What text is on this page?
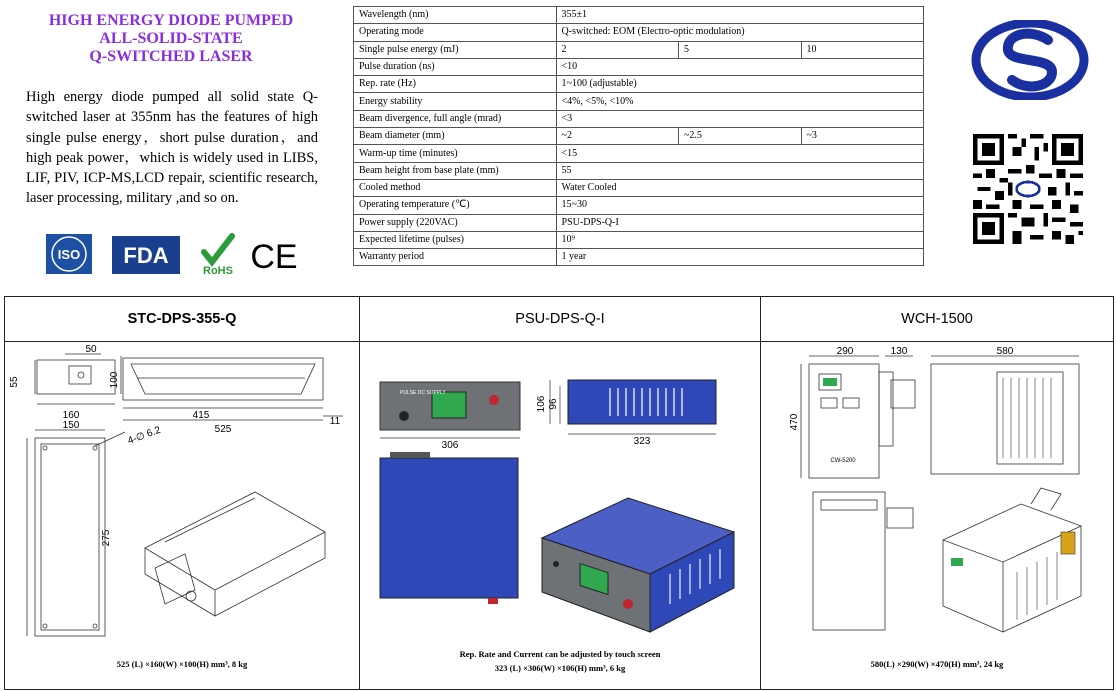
HIGH ENERGY DIODE PUMPED
ALL-SOLID-STATE
Q-SWITCHED LASER
High energy diode pumped all solid state Q-switched laser at 355nm has the features of high single pulse energy，short pulse duration，and high peak power，which is widely used in LIBS, LIF, PIV, ICP-MS,LCD repair, scientific research, laser processing, military ,and so on.
ISO FDA
RoHS CE
Wavelength (nm)	355±1		
Operating mode	Q-switched: EOM (Electro-optic modulation)		
Single pulse energy (mJ)	2	5	10
Pulse duration (ns)	<10		
Rep. rate (Hz)	1~100 (adjustable)		
Energy stability	<4%, <5%, <10%		
Beam divergence, full angle (mrad)	<3		
Beam diameter (mm)	~2	~2.5	~3
Warm-up time (minutes)	<15		
Beam height from base plate (mm)	55		
Cooled method	Water Cooled		
Operating temperature (℃)	15~30		
Power supply (220VAC)	PSU-DPS-Q-I		
Expected lifetime (pulses)	10⁹		
Warranty period	1 year		
STC-DPS-355-Q
50
55	100
160	415
525
11
150	4-∅ 6.2
275
525 (L) ×160(W) ×100(H) mm³, 8 kg
PSU-DPS-Q-I
PULSE DC SUPPLY
306	323
106 96
Rep. Rate and Current can be adjusted by touch screen
323 (L) ×306(W) ×106(H) mm³, 6 kg
WCH-1500
290	130	580
470
CW-5200
580(L) ×290(W) ×470(H) mm³, 24 kg
